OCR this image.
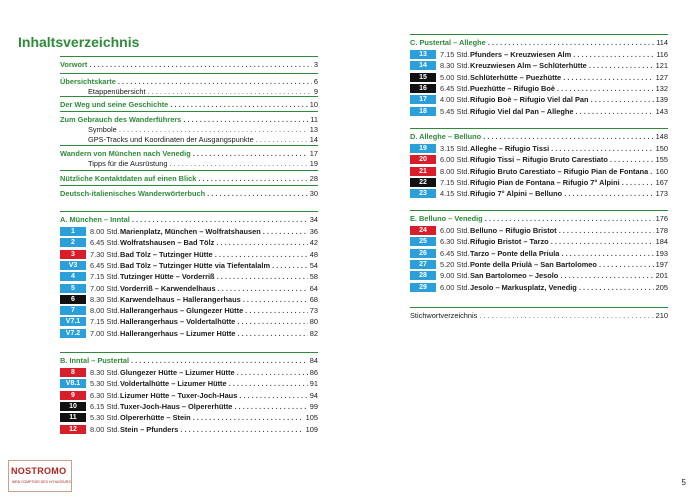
Inhaltsverzeichnis
Vorwort . . .	3
Übersichtskarte . . .	6
Etappenübersicht . . .	9
Der Weg und seine Geschichte . . .	10
Zum Gebrauch des Wanderführers . . .	11
Symbole . . .	13
GPS-Tracks und Koordinaten der Ausgangspunkte . . .	14
Wandern von München nach Venedig . . .	17
Tipps für die Ausrüstung . . .	19
Nützliche Kontaktdaten auf einen Blick . . .	28
Deutsch-italienisches Wanderwörterbuch . . .	30
A. München – Inntal . . .	34
1	8.00 Std. Marienplatz, München – Wolfratshausen . . .	36
2	6.45 Std. Wolfratshausen – Bad Tölz . . .	42
3	7.30 Std. Bad Tölz – Tutzinger Hütte . . .	48
V3	6.45 Std. Bad Tölz – Tutzinger Hütte via Tiefentalalm . . .	54
4	7.15 Std. Tutzinger Hütte – Vorderriß . . .	58
5	7.00 Std. Vorderriß – Karwendelhaus . . .	64
6	8.30 Std. Karwendelhaus – Hallerangerhaus . . .	68
7	8.00 Std. Hallerangerhaus – Glungezer Hütte . . .	73
V7.1	7.15 Std. Hallerangerhaus – Voldertalhütte . . .	80
V7.2	7.00 Std. Hallerangerhaus – Lizumer Hütte . . .	82
B. Inntal – Pustertal . . .	84
8	8.30 Std. Glungezer Hütte – Lizumer Hütte . . .	86
V8.1	5.30 Std. Voldertalhütte – Lizumer Hütte . . .	91
9	6.30 Std. Lizumer Hütte – Tuxer-Joch-Haus . . .	94
10	6.15 Std. Tuxer-Joch-Haus – Olpererhütte . . .	99
11	5.30 Std. Olpererhütte – Stein . . .	105
12	8.00 Std. Stein – Pfunders . . .	109
C. Pustertal – Alleghe . . .	114
13	7.15 Std. Pfunders – Kreuzwiesen Alm . . .	116
14	8.30 Std. Kreuzwiesen Alm – Schlüterhütte . . .	121
15	5.00 Std. Schlüterhütte – Puezhütte . . .	127
16	6.45 Std. Puezhütte – Rifugio Boè . . .	132
17	4.00 Std. Rifugio Boè – Rifugio Viel dal Pan . . .	139
18	5.45 Std. Rifugio Viel dal Pan – Alleghe . . .	143
D. Alleghe – Belluno . . .	148
19	3.15 Std. Alleghe – Rifugio Tissi . . .	150
20	6.00 Std. Rifugio Tissi – Rifugio Bruto Carestiato . . .	155
21	8.00 Std. Rifugio Bruto Carestiato – Rifugio Pian de Fontana . . .	160
22	7.15 Std. Rifugio Pian de Fontana – Rifugio 7° Alpini . . .	167
23	4.15 Std. Rifugio 7° Alpini – Belluno . . .	173
E. Belluno – Venedig . . .	176
24	6.00 Std. Belluno – Rifugio Bristot . . .	178
25	6.30 Std. Rifugio Bristot – Tarzo . . .	184
26	6.45 Std. Tarzo – Ponte della Priula . . .	193
27	5.20 Std. Ponte della Priulà – San Bartolomeo . . .	197
28	9.00 Std. San Bartolomeo – Jesolo . . .	201
29	6.00 Std. Jesolo – Markusplatz, Venedig . . .	205
Stichwortverzeichnis . . .	210
NOSTROMO
WEB COMPTOIR DES VOYAGEURS	5
